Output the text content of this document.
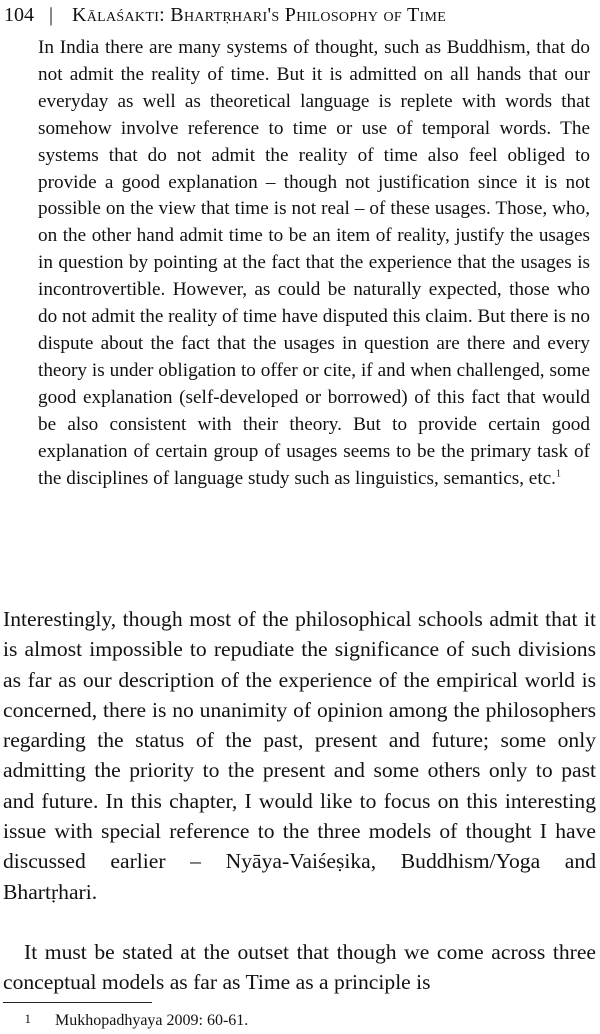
104 | Kālaśakti: Bhartṛhari's Philosophy of Time

In India there are many systems of thought, such as Buddhism, that do not admit the reality of time. But it is admitted on all hands that our everyday as well as theoretical language is replete with words that somehow involve reference to time or use of temporal words. The systems that do not admit the reality of time also feel obliged to provide a good explanation – though not justification since it is not possible on the view that time is not real – of these usages. Those, who, on the other hand admit time to be an item of reality, justify the usages in question by pointing at the fact that the experience that the usages is incontrovertible. However, as could be naturally expected, those who do not admit the reality of time have disputed this claim. But there is no dispute about the fact that the usages in question are there and every theory is under obligation to offer or cite, if and when challenged, some good explanation (self-developed or borrowed) of this fact that would be also consistent with their theory. But to provide certain good explanation of certain group of usages seems to be the primary task of the disciplines of language study such as linguistics, semantics, etc.$^1$

Interestingly, though most of the philosophical schools admit that it is almost impossible to repudiate the significance of such divisions as far as our description of the experience of the empirical world is concerned, there is no unanimity of opinion among the philosophers regarding the status of the past, present and future; some only admitting the priority to the present and some others only to past and future. In this chapter, I would like to focus on this interesting issue with special reference to the three models of thought I have discussed earlier – Nyāya-Vaiśeṣika, Buddhism/Yoga and Bhartṛhari.

It must be stated at the outset that though we come across three conceptual models as far as Time as a principle is

1 Mukhopadhyaya 2009: 60-61.
